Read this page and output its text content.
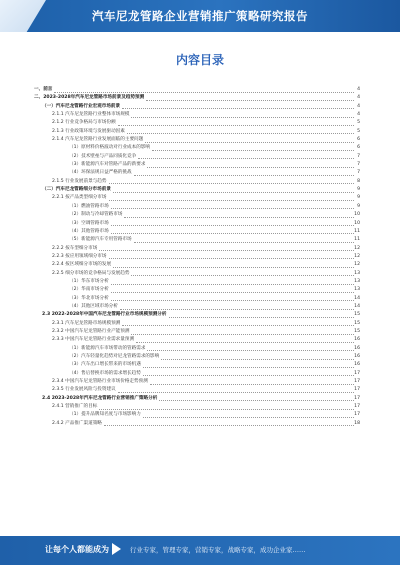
汽车尼龙管路企业营销推广策略研究报告
内容目录
一、前言	4
二、2023-2028年汽车尼龙管路市场前景及趋势预测	4
（一）汽车尼龙管路行业宏观市场前景	4
2.1.1 汽车尼龙管路行业整体市场规模	4
2.1.2 行业竞争格局与市场份额	5
2.1.3 行业政策环境与发展驱动因素	5
2.1.4 汽车尼龙管路行业发展面临的主要问题	6
（1）原材料价格波动对行业成本的影响	6
（2）技术壁垒与产品同质化竞争	7
（3）新能源汽车对管路产品的新要求	7
（4）环保法规日益严格的挑战	7
2.1.5 行业发展前景与趋势	8
（二）汽车尼龙管路细分市场前景	9
2.2.1 按产品类型细分市场	9
（1）燃油管路市场	9
（2）制动与冷却管路市场	10
（3）空调管路市场	10
（4）其他管路市场	11
（5）新能源汽车专用管路市场	11
2.2.2 按车型细分市场	12
2.2.3 按应用领域细分市场	12
2.2.4 按区域细分市场的发展	12
2.2.5 细分市场的竞争格局与发展趋势	13
（1）华东市场分析	13
（2）华南市场分析	13
（3）华北市场分析	14
（4）其他区域市场分析	14
2.3 2022-2028年中国汽车尼龙管路行业市场规模预测分析	15
2.3.1 汽车尼龙管路市场规模预测	15
2.3.2 中国汽车尼龙管路行业产能预测	15
2.3.3 中国汽车尼龙管路行业需求量预测	16
（1）新能源汽车市场带动的管路需求	16
（2）汽车轻量化趋势对尼龙管路需求的影响	16
（3）汽车出口增长带来的市场机遇	16
（4）售后替换市场的需求增长趋势	17
2.3.4 中国汽车尼龙管路行业市场价格走势预测	17
2.3.5 行业发展风险与投资建议	17
2.4 2023-2028年汽车尼龙管路行业营销推广策略分析	17
2.4.1 营销推广的目标	17
（1）提升品牌知名度与市场影响力	17
2.4.2 产品推广渠道策略	18
让每个人都能成为	行业专家，管理专家，营销专家，战略专家，成功企业家……
